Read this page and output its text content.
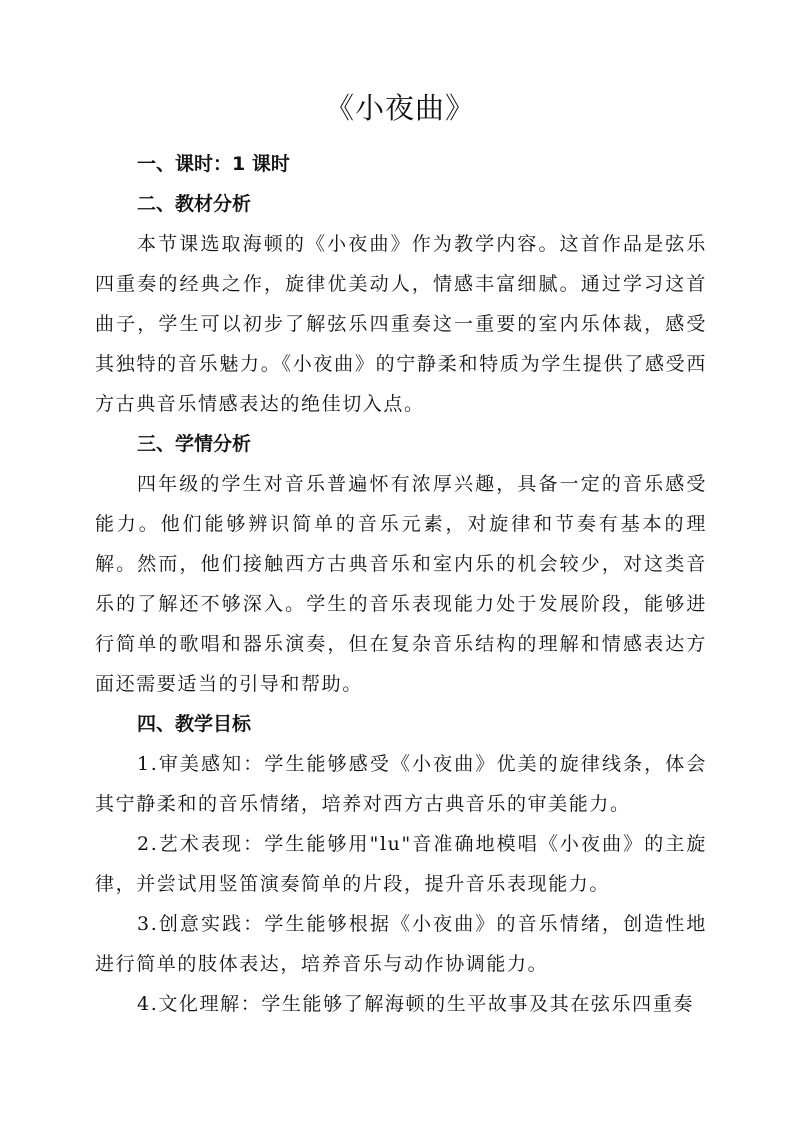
《小夜曲》

一、课时：1 课时

二、教材分析

本节课选取海顿的《小夜曲》作为教学内容。这首作品是弦乐四重奏的经典之作，旋律优美动人，情感丰富细腻。通过学习这首曲子，学生可以初步了解弦乐四重奏这一重要的室内乐体裁，感受其独特的音乐魅力。《小夜曲》的宁静柔和特质为学生提供了感受西方古典音乐情感表达的绝佳切入点。

三、学情分析

四年级的学生对音乐普遍怀有浓厚兴趣，具备一定的音乐感受能力。他们能够辨识简单的音乐元素，对旋律和节奏有基本的理解。然而，他们接触西方古典音乐和室内乐的机会较少，对这类音乐的了解还不够深入。学生的音乐表现能力处于发展阶段，能够进行简单的歌唱和器乐演奏，但在复杂音乐结构的理解和情感表达方面还需要适当的引导和帮助。

四、教学目标

1.审美感知：学生能够感受《小夜曲》优美的旋律线条，体会其宁静柔和的音乐情绪，培养对西方古典音乐的审美能力。

2.艺术表现：学生能够用"lu"音准确地模唱《小夜曲》的主旋律，并尝试用竖笛演奏简单的片段，提升音乐表现能力。

3.创意实践：学生能够根据《小夜曲》的音乐情绪，创造性地进行简单的肢体表达，培养音乐与动作协调能力。

4.文化理解：学生能够了解海顿的生平故事及其在弦乐四重奏
